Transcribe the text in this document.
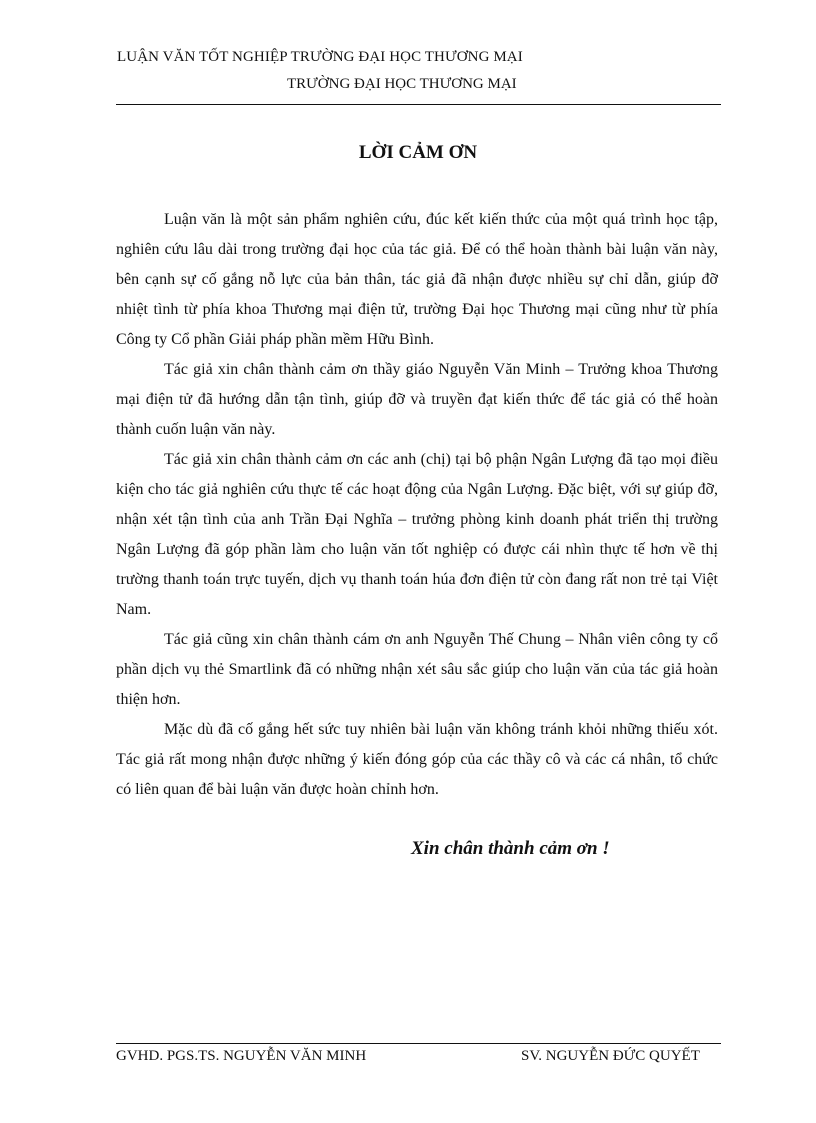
LUẬN VĂN TỐT NGHIỆP TRƯỜNG ĐẠI HỌC THƯƠNG MẠI
TRƯỜNG ĐẠI HỌC THƯƠNG MẠI
LỜI CẢM ƠN

Luận văn là một sản phẩm nghiên cứu, đúc kết kiến thức của một quá trình học tập, nghiên cứu lâu dài trong trường đại học của tác giả. Để có thể hoàn thành bài luận văn này, bên cạnh sự cố gắng nỗ lực của bản thân, tác giả đã nhận được nhiều sự chỉ dẫn, giúp đỡ nhiệt tình từ phía khoa Thương mại điện tử, trường Đại học Thương mại cũng như từ phía Công ty Cổ phần Giải pháp phần mềm Hữu Bình.

Tác giả xin chân thành cảm ơn thầy giáo Nguyễn Văn Minh – Trưởng khoa Thương mại điện tử đã hướng dẫn tận tình, giúp đỡ và truyền đạt kiến thức để tác giả có thể hoàn thành cuốn luận văn này.

Tác giả xin chân thành cảm ơn các anh (chị) tại bộ phận Ngân Lượng đã tạo mọi điều kiện cho tác giả nghiên cứu thực tế các hoạt động của Ngân Lượng. Đặc biệt, với sự giúp đỡ, nhận xét tận tình của anh Trần Đại Nghĩa – trưởng phòng kinh doanh phát triển thị trường Ngân Lượng đã góp phần làm cho luận văn tốt nghiệp có được cái nhìn thực tế hơn về thị trường thanh toán trực tuyến, dịch vụ thanh toán húa đơn điện tử còn đang rất non trẻ tại Việt Nam.

Tác giả cũng xin chân thành cám ơn anh Nguyễn Thế Chung – Nhân viên công ty cổ phần dịch vụ thẻ Smartlink đã có những nhận xét sâu sắc giúp cho luận văn của tác giả hoàn thiện hơn.

Mặc dù đã cố gắng hết sức tuy nhiên bài luận văn không tránh khỏi những thiếu xót. Tác giả rất mong nhận được những ý kiến đóng góp của các thầy cô và các cá nhân, tổ chức có liên quan để bài luận văn được hoàn chỉnh hơn.

Xin chân thành cảm ơn !
GVHD. PGS.TS. NGUYỄN VĂN MINH	SV. NGUYỄN ĐỨC QUYẾT
